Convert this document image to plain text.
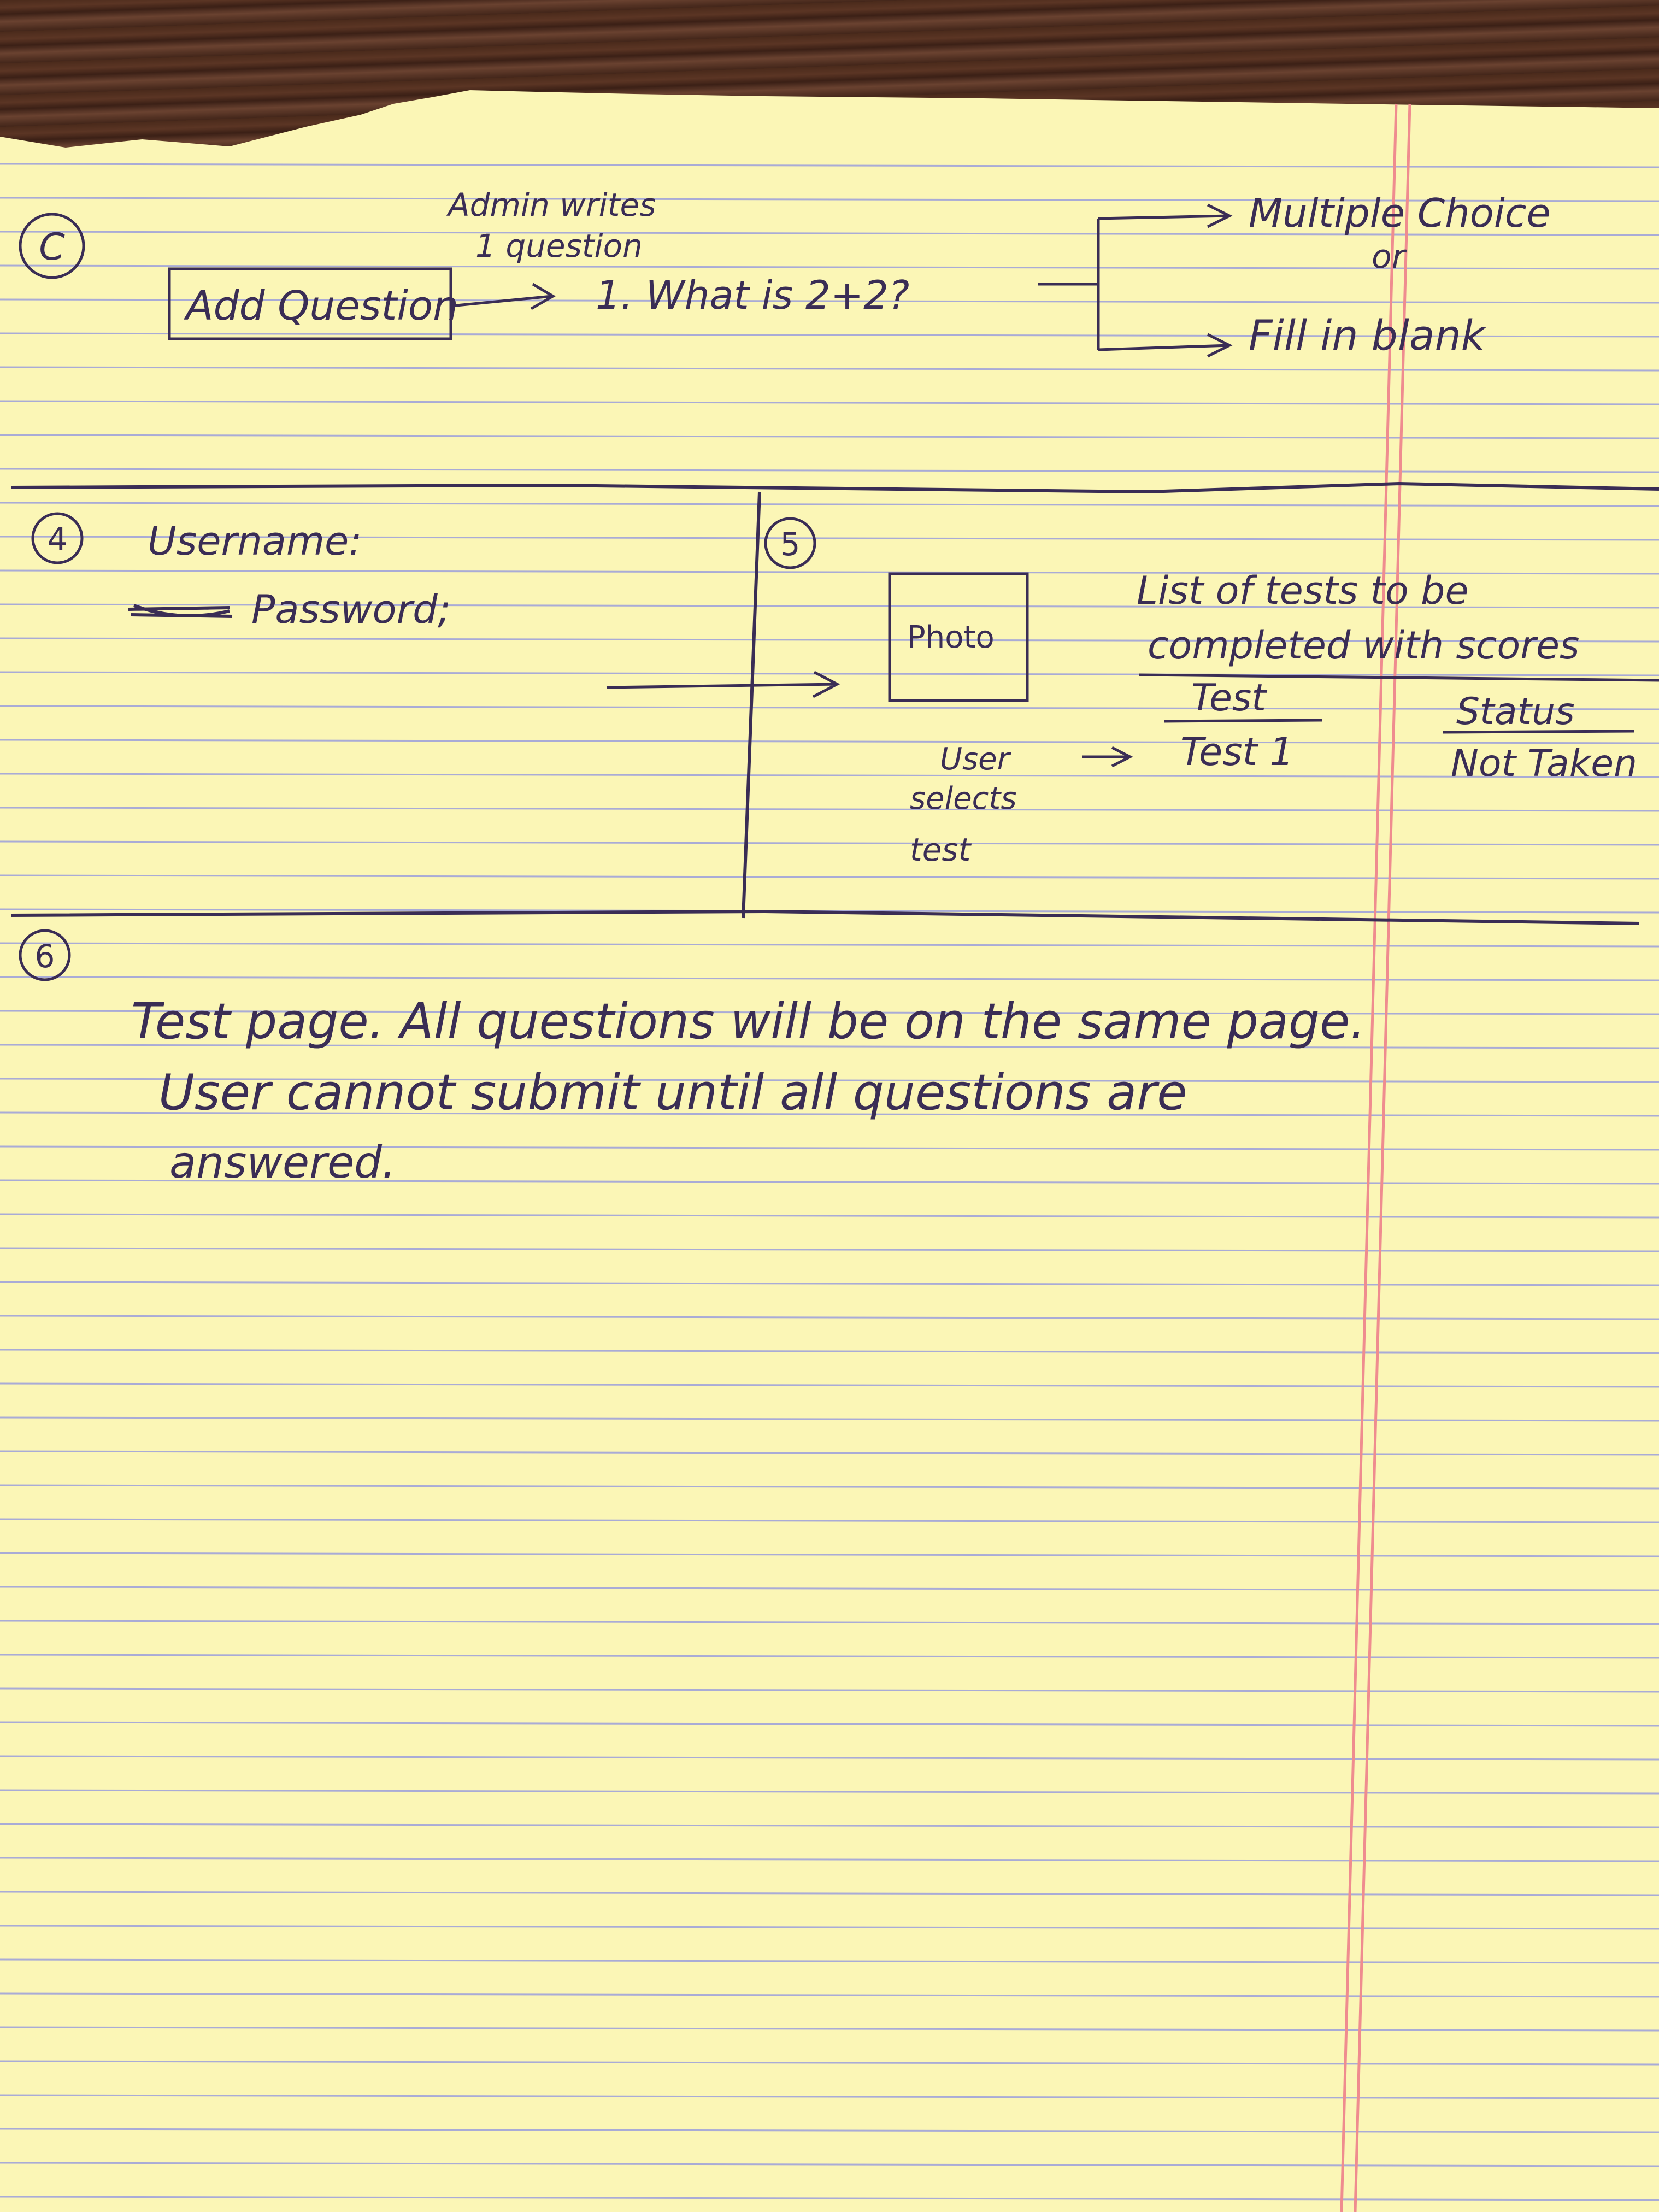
C
Admin writes
1 question
Add Question	1. What is 2+2?
Multiple Choice
or
Fill in blank
4 Username:
Password;
5
Photo
List of tests to be
completed with scores
Test	Status
Test 1	Not Taken
User
selects
test
6
Test page. All questions will be on the same page.
User cannot submit until all questions are
answered.
